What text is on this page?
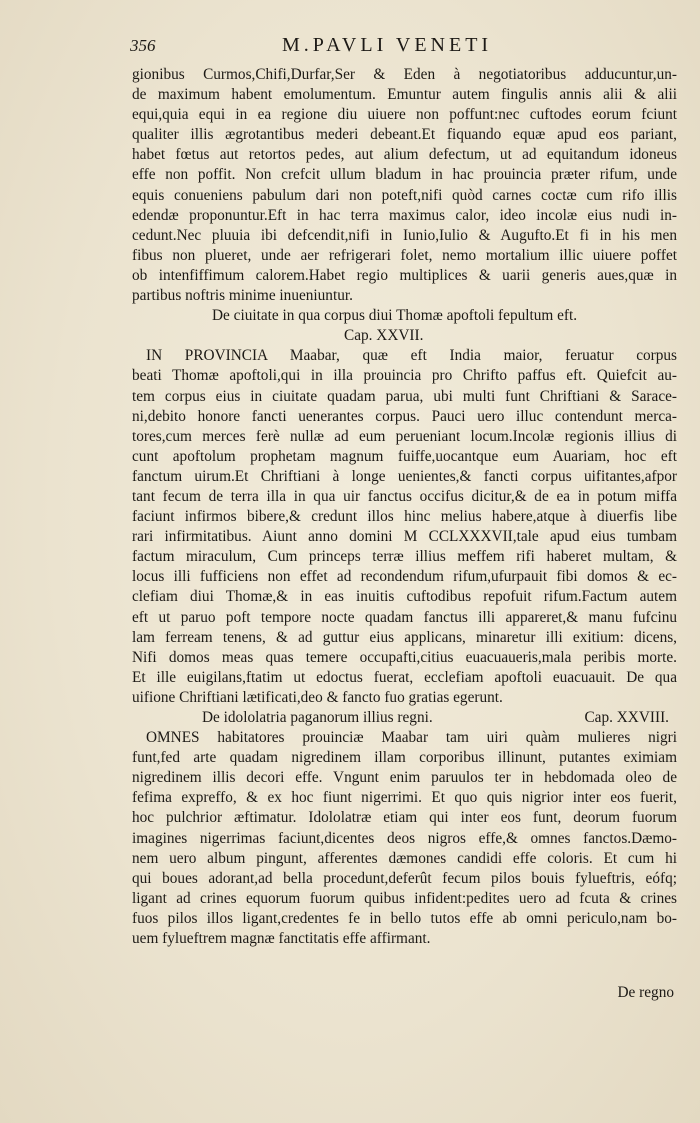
356	M.PAVLI VENETI
gionibus Curmos,Chifi,Durfar,Ser & Eden à negotiatoribus adducuntur,un-
de maximum habent emolumentum. Emuntur autem fingulis annis alii & alii
equi,quia equi in ea regione diu uiuere non poffunt:nec cuftodes eorum fciunt
qualiter illis ægrotantibus mederi debeant.Et fiquando equæ apud eos pariant,
habet fœtus aut retortos pedes, aut alium defectum, ut ad equitandum idoneus
effe non poffit. Non crefcit ullum bladum in hac prouincia præter rifum, unde
equis conueniens pabulum dari non poteft,nifi quòd carnes coctæ cum rifo illis
edendæ proponuntur.Eft in hac terra maximus calor, ideo incolæ eius nudi in-
cedunt.Nec pluuia ibi defcendit,nifi in Iunio,Iulio & Augufto.Et fi in his men
fibus non plueret, unde aer refrigerari folet, nemo mortalium illic uiuere poffet
ob intenfiffimum calorem.Habet regio multiplices & uarii generis aues,quæ in
partibus noftris minime inueniuntur.
De ciuitate in qua corpus diui Thomæ apoftoli fepultum eft.
Cap. XXVII.
IN PROVINCIA Maabar, quæ eft India maior, feruatur corpus
beati Thomæ apoftoli,qui in illa prouincia pro Chrifto paffus eft. Quiefcit au-
tem corpus eius in ciuitate quadam parua, ubi multi funt Chriftiani & Sarace-
ni,debito honore fancti uenerantes corpus. Pauci uero illuc contendunt merca-
tores,cum merces ferè nullæ ad eum perueniant locum.Incolæ regionis illius di
cunt apoftolum prophetam magnum fuiffe,uocantque eum Auariam, hoc eft
fanctum uirum.Et Chriftiani à longe uenientes,& fancti corpus uifitantes,afpor
tant fecum de terra illa in qua uir fanctus occifus dicitur,& de ea in potum miffa
faciunt infirmos bibere,& credunt illos hinc melius habere,atque à diuerfis libe
rari infirmitatibus. Aiunt anno domini M CCLXXXVII,tale apud eius tumbam
factum miraculum, Cum princeps terræ illius meffem rifi haberet multam, &
locus illi fufficiens non effet ad recondendum rifum,ufurpauit fibi domos & ec-
clefiam diui Thomæ,& in eas inuitis cuftodibus repofuit rifum.Factum autem
eft ut paruo poft tempore nocte quadam fanctus illi appareret,& manu fufcinu
lam ferream tenens, & ad guttur eius applicans, minaretur illi exitium: dicens,
Nifi domos meas quas temere occupafti,citius euacuaueris,mala peribis morte.
Et ille euigilans,ftatim ut edoctus fuerat, ecclefiam apoftoli euacuauit. De qua
uifione Chriftiani lætificati,deo & fancto fuo gratias egerunt.
De idololatria paganorum illius regni.	Cap. XXVIII.
OMNES habitatores prouinciæ Maabar tam uiri quàm mulieres nigri
funt,fed arte quadam nigredinem illam corporibus illinunt, putantes eximiam
nigredinem illis decori effe. Vngunt enim paruulos ter in hebdomada oleo de
fefima expreffo, & ex hoc fiunt nigerrimi. Et quo quis nigrior inter eos fuerit,
hoc pulchrior æftimatur. Idololatræ etiam qui inter eos funt, deorum fuorum
imagines nigerrimas faciunt,dicentes deos nigros effe,& omnes fanctos.Dæmo-
nem uero album pingunt, afferentes dæmones candidi effe coloris. Et cum hi
qui boues adorant,ad bella procedunt,deferût fecum pilos bouis fylueftris, eófq;
ligant ad crines equorum fuorum quibus infident:pedites uero ad fcuta & crines
fuos pilos illos ligant,credentes fe in bello tutos effe ab omni periculo,nam bo-
uem fylueftrem magnæ fanctitatis effe affirmant.
De regno
